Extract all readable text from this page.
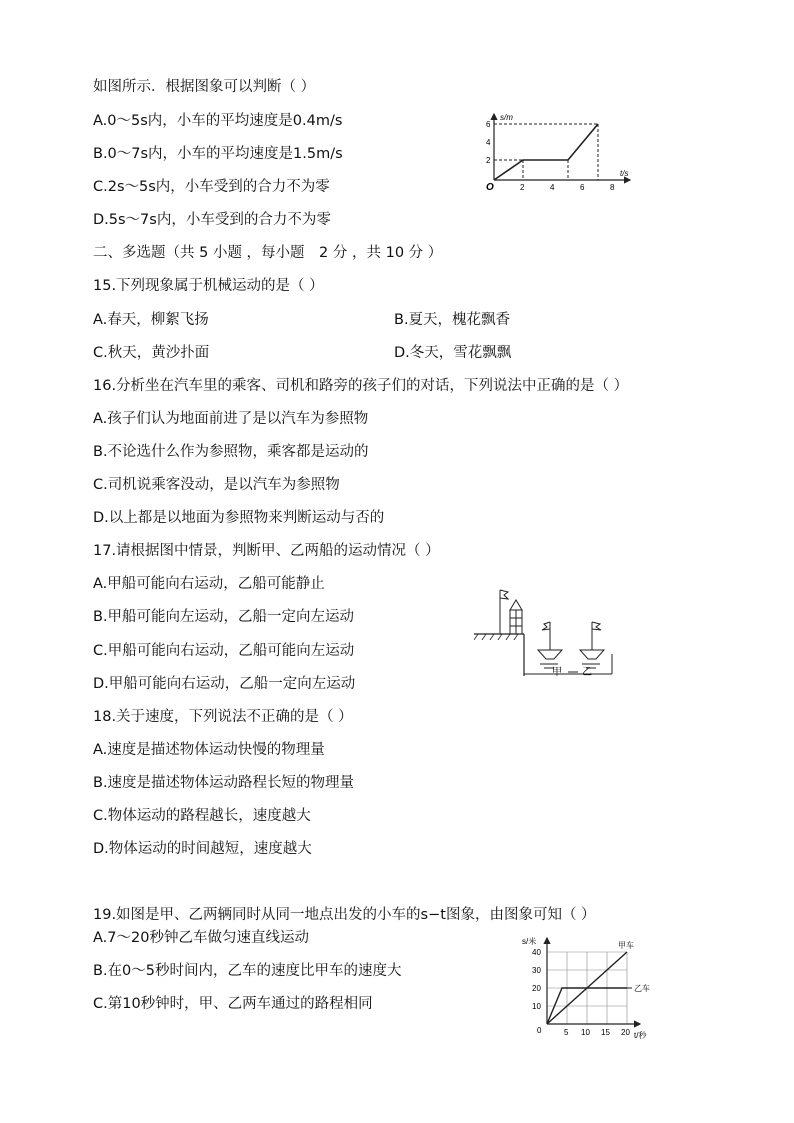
如图所示．根据图象可以判断（ ）
A.0～5s内，小车的平均速度是0.4m/s
B.0～7s内，小车的平均速度是1.5m/s
C.2s～5s内，小车受到的合力不为零
D.5s～7s内，小车受到的合力不为零
s/m
t/s
O	2	4	6	8
2
4
6
二、多选题（共 5 小题 ，每小题　2 分 ，共 10 分 ）
15.下列现象属于机械运动的是（ ）
A.春天，柳絮飞扬	B.夏天，槐花飘香
C.秋天，黄沙扑面	D.冬天，雪花飘飘
16.分析坐在汽车里的乘客、司机和路旁的孩子们的对话，下列说法中正确的是（ ）
A.孩子们认为地面前进了是以汽车为参照物
B.不论选什么作为参照物，乘客都是运动的
C.司机说乘客没动，是以汽车为参照物
D.以上都是以地面为参照物来判断运动与否的
17.请根据图中情景，判断甲、乙两船的运动情况（ ）
A.甲船可能向右运动，乙船可能静止
B.甲船可能向左运动，乙船一定向左运动
C.甲船可能向右运动，乙船可能向左运动
D.甲船可能向右运动，乙船一定向左运动
甲 乙
18.关于速度，下列说法不正确的是（ ）
A.速度是描述物体运动快慢的物理量
B.速度是描述物体运动路程长短的物理量
C.物体运动的路程越长，速度越大
D.物体运动的时间越短，速度越大
19.如图是甲、乙两辆同时从同一地点出发的小车的s−t图象，由图象可知（ ）
A.7～20秒钟乙车做匀速直线运动
B.在0～5秒时间内，乙车的速度比甲车的速度大
C.第10秒钟时，甲、乙两车通过的路程相同
s/米
t/秒
甲车
乙车
0	5 10 15 20
10
20
30
40
